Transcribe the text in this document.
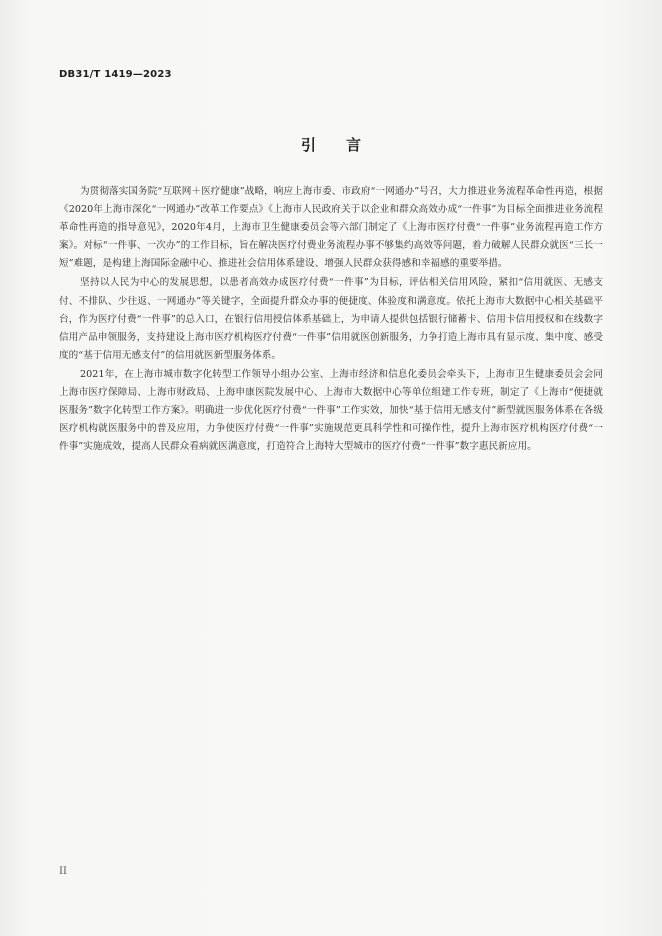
DB31/T 1419—2023
引言

为贯彻落实国务院“互联网＋医疗健康”战略，响应上海市委、市政府“一网通办”号召，大力推进业务流程革命性再造，根据《2020年上海市深化“一网通办”改革工作要点》《上海市人民政府关于以企业和群众高效办成“一件事”为目标全面推进业务流程革命性再造的指导意见》，2020年4月，上海市卫生健康委员会等六部门制定了《上海市医疗付费“一件事”业务流程再造工作方案》。对标“一件事、一次办”的工作目标，旨在解决医疗付费业务流程办事不够集约高效等问题，着力破解人民群众就医“三长一短”难题，是构建上海国际金融中心、推进社会信用体系建设、增强人民群众获得感和幸福感的重要举措。

坚持以人民为中心的发展思想，以患者高效办成医疗付费“一件事”为目标，评估相关信用风险，紧扣“信用就医、无感支付、不排队、少往返、一网通办”等关键字，全面提升群众办事的便捷度、体验度和满意度。依托上海市大数据中心相关基础平台，作为医疗付费“一件事”的总入口，在银行信用授信体系基础上，为申请人提供包括银行储蓄卡、信用卡信用授权和在线数字信用产品申领服务，支持建设上海市医疗机构医疗付费“一件事”信用就医创新服务，力争打造上海市具有显示度、集中度、感受度的“基于信用无感支付”的信用就医新型服务体系。

2021年，在上海市城市数字化转型工作领导小组办公室、上海市经济和信息化委员会牵头下，上海市卫生健康委员会会同上海市医疗保障局、上海市财政局、上海申康医院发展中心、上海市大数据中心等单位组建工作专班，制定了《上海市“便捷就医服务”数字化转型工作方案》。明确进一步优化医疗付费“一件事”工作实效，加快“基于信用无感支付”新型就医服务体系在各级医疗机构就医服务中的普及应用，力争使医疗付费“一件事”实施规范更具科学性和可操作性，提升上海市医疗机构医疗付费“一件事”实施成效，提高人民群众看病就医满意度，打造符合上海特大型城市的医疗付费“一件事”数字惠民新应用。

II
